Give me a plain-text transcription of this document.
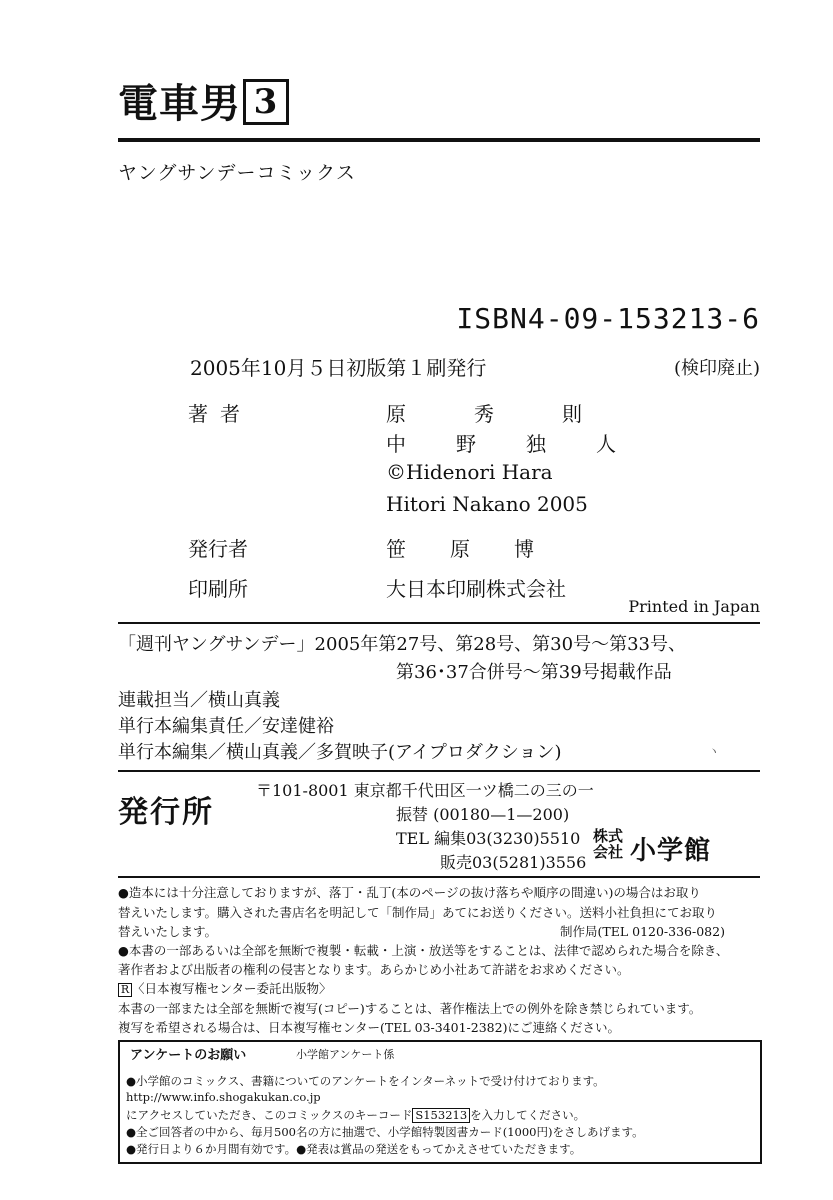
電車男 3
ヤングサンデーコミックス
ISBN4-09-153213-6
2005年10月５日初版第１刷発行	(検印廃止)
著者	原秀則
中野独人
©Hidenori Hara
Hitori Nakano 2005
発行者	笹原博
印刷所	大日本印刷株式会社
Printed in Japan
「週刊ヤングサンデー」2005年第27号、第28号、第30号〜第33号、
第36･37合併号〜第39号掲載作品
連載担当／横山真義
単行本編集責任／安達健裕
単行本編集／横山真義／多賀映子(アイプロダクション)	ヽ
発行所
〒101-8001 東京都千代田区一ツ橋二の三の一
振替 (00180—1—200)
TEL 編集03(3230)5510
販売03(5281)3556
株式会社 小学館
●造本には十分注意しておりますが、落丁・乱丁(本のページの抜け落ちや順序の間違い)の場合はお取り
替えいたします。購入された書店名を明記して「制作局」あてにお送りください。送料小社負担にてお取り
替えいたします。	制作局(TEL 0120-336-082)
●本書の一部あるいは全部を無断で複製・転載・上演・放送等をすることは、法律で認められた場合を除き、
著作者および出版者の権利の侵害となります。あらかじめ小社あて許諾をお求めください。
R 〈日本複写権センター委託出版物〉
本書の一部または全部を無断で複写(コピー)することは、著作権法上での例外を除き禁じられています。
複写を希望される場合は、日本複写権センター(TEL 03-3401-2382)にご連絡ください。
アンケートのお願い	小学館アンケート係
●小学館のコミックス、書籍についてのアンケートをインターネットで受け付けております。
http://www.info.shogakukan.co.jp
にアクセスしていただき、このコミックスのキーコード S153213 を入力してください。
●全ご回答者の中から、毎月500名の方に抽選で、小学館特製図書カード(1000円)をさしあげます。
●発行日より６か月間有効です。●発表は賞品の発送をもってかえさせていただきます。
